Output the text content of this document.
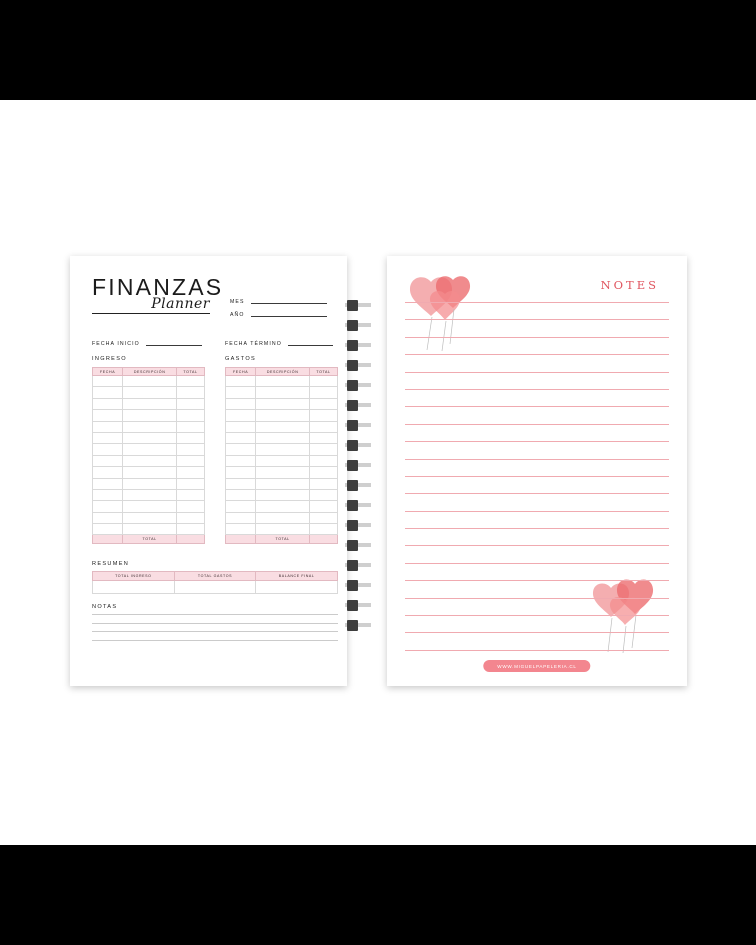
FINANZAS
Planner	MES
AÑO
FECHA INICIO	FECHA TÉRMINO
INGRESO
FECHA	DESCRIPCIÓN	TOTAL

	TOTAL	
GASTOS
FECHA	DESCRIPCIÓN	TOTAL

	TOTAL	
RESUMEN
TOTAL INGRESO	TOTAL GASTOS	BALANCE FINAL

NOTAS
NOTES
WWW.MIGUELPAPELERIA.CL
